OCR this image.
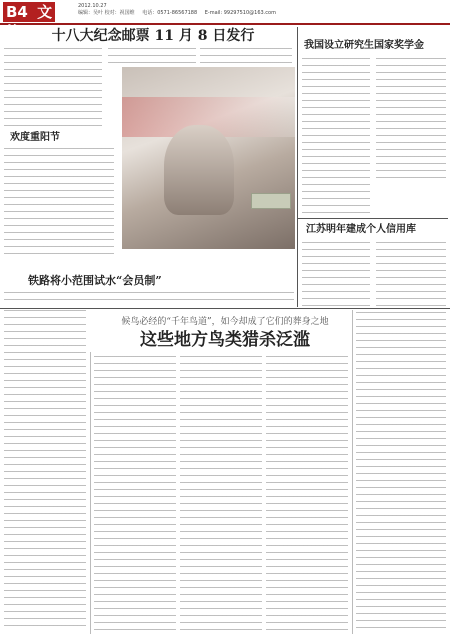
B4 文摘
2012.10.27
编辑：吴叶 校对：祝国维 电话：0571-86567188 E-mail: 99297510@163.com
十八大纪念邮票 11 月 8 日发行
欢度重阳节
铁路将小范围试水“会员制”
我国设立研究生国家奖学金
江苏明年建成个人信用库
候鸟必经的“千年鸟道”，如今却成了它们的葬身之地
这些地方鸟类猎杀泛滥
